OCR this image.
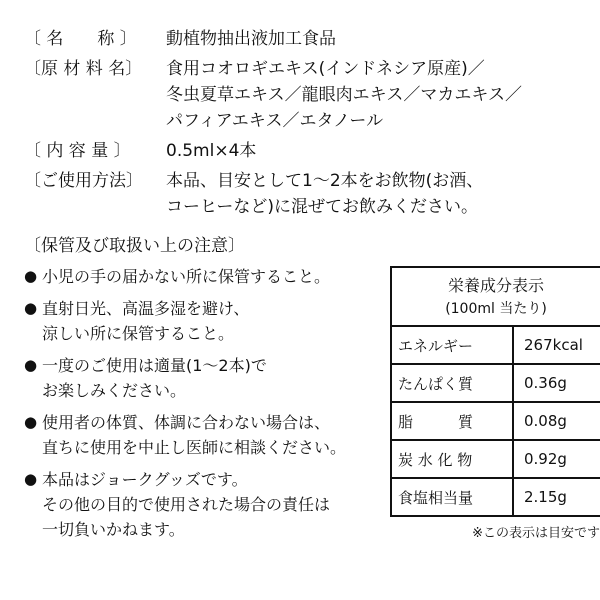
〔 名　　称 〕	動植物抽出液加工食品
〔原 材 料 名〕	食用コオロギエキス(インドネシア原産)／
冬虫夏草エキス／龍眼肉エキス／マカエキス／
パフィアエキス／エタノール
〔 内 容 量 〕	0.5ml×4本
〔ご使用方法〕	本品、目安として1〜2本をお飲物(お酒、
コーヒーなど)に混ぜてお飲みください。
〔保管及び取扱い上の注意〕
●
小児の手の届かない所に保管すること。
●
直射日光、高温多湿を避け、
涼しい所に保管すること。
●
一度のご使用は適量(1〜2本)で
お楽しみください。
●
使用者の体質、体調に合わない場合は、
直ちに使用を中止し医師に相談ください。
●
本品はジョークグッズです。
その他の目的で使用された場合の責任は
一切負いかねます。
栄養成分表示
(100ml 当たり)
エネルギー	267kcal
たんぱく質	0.36g
脂　　　質	0.08g
炭 水 化 物	0.92g
食塩相当量	2.15g
※この表示は目安です
